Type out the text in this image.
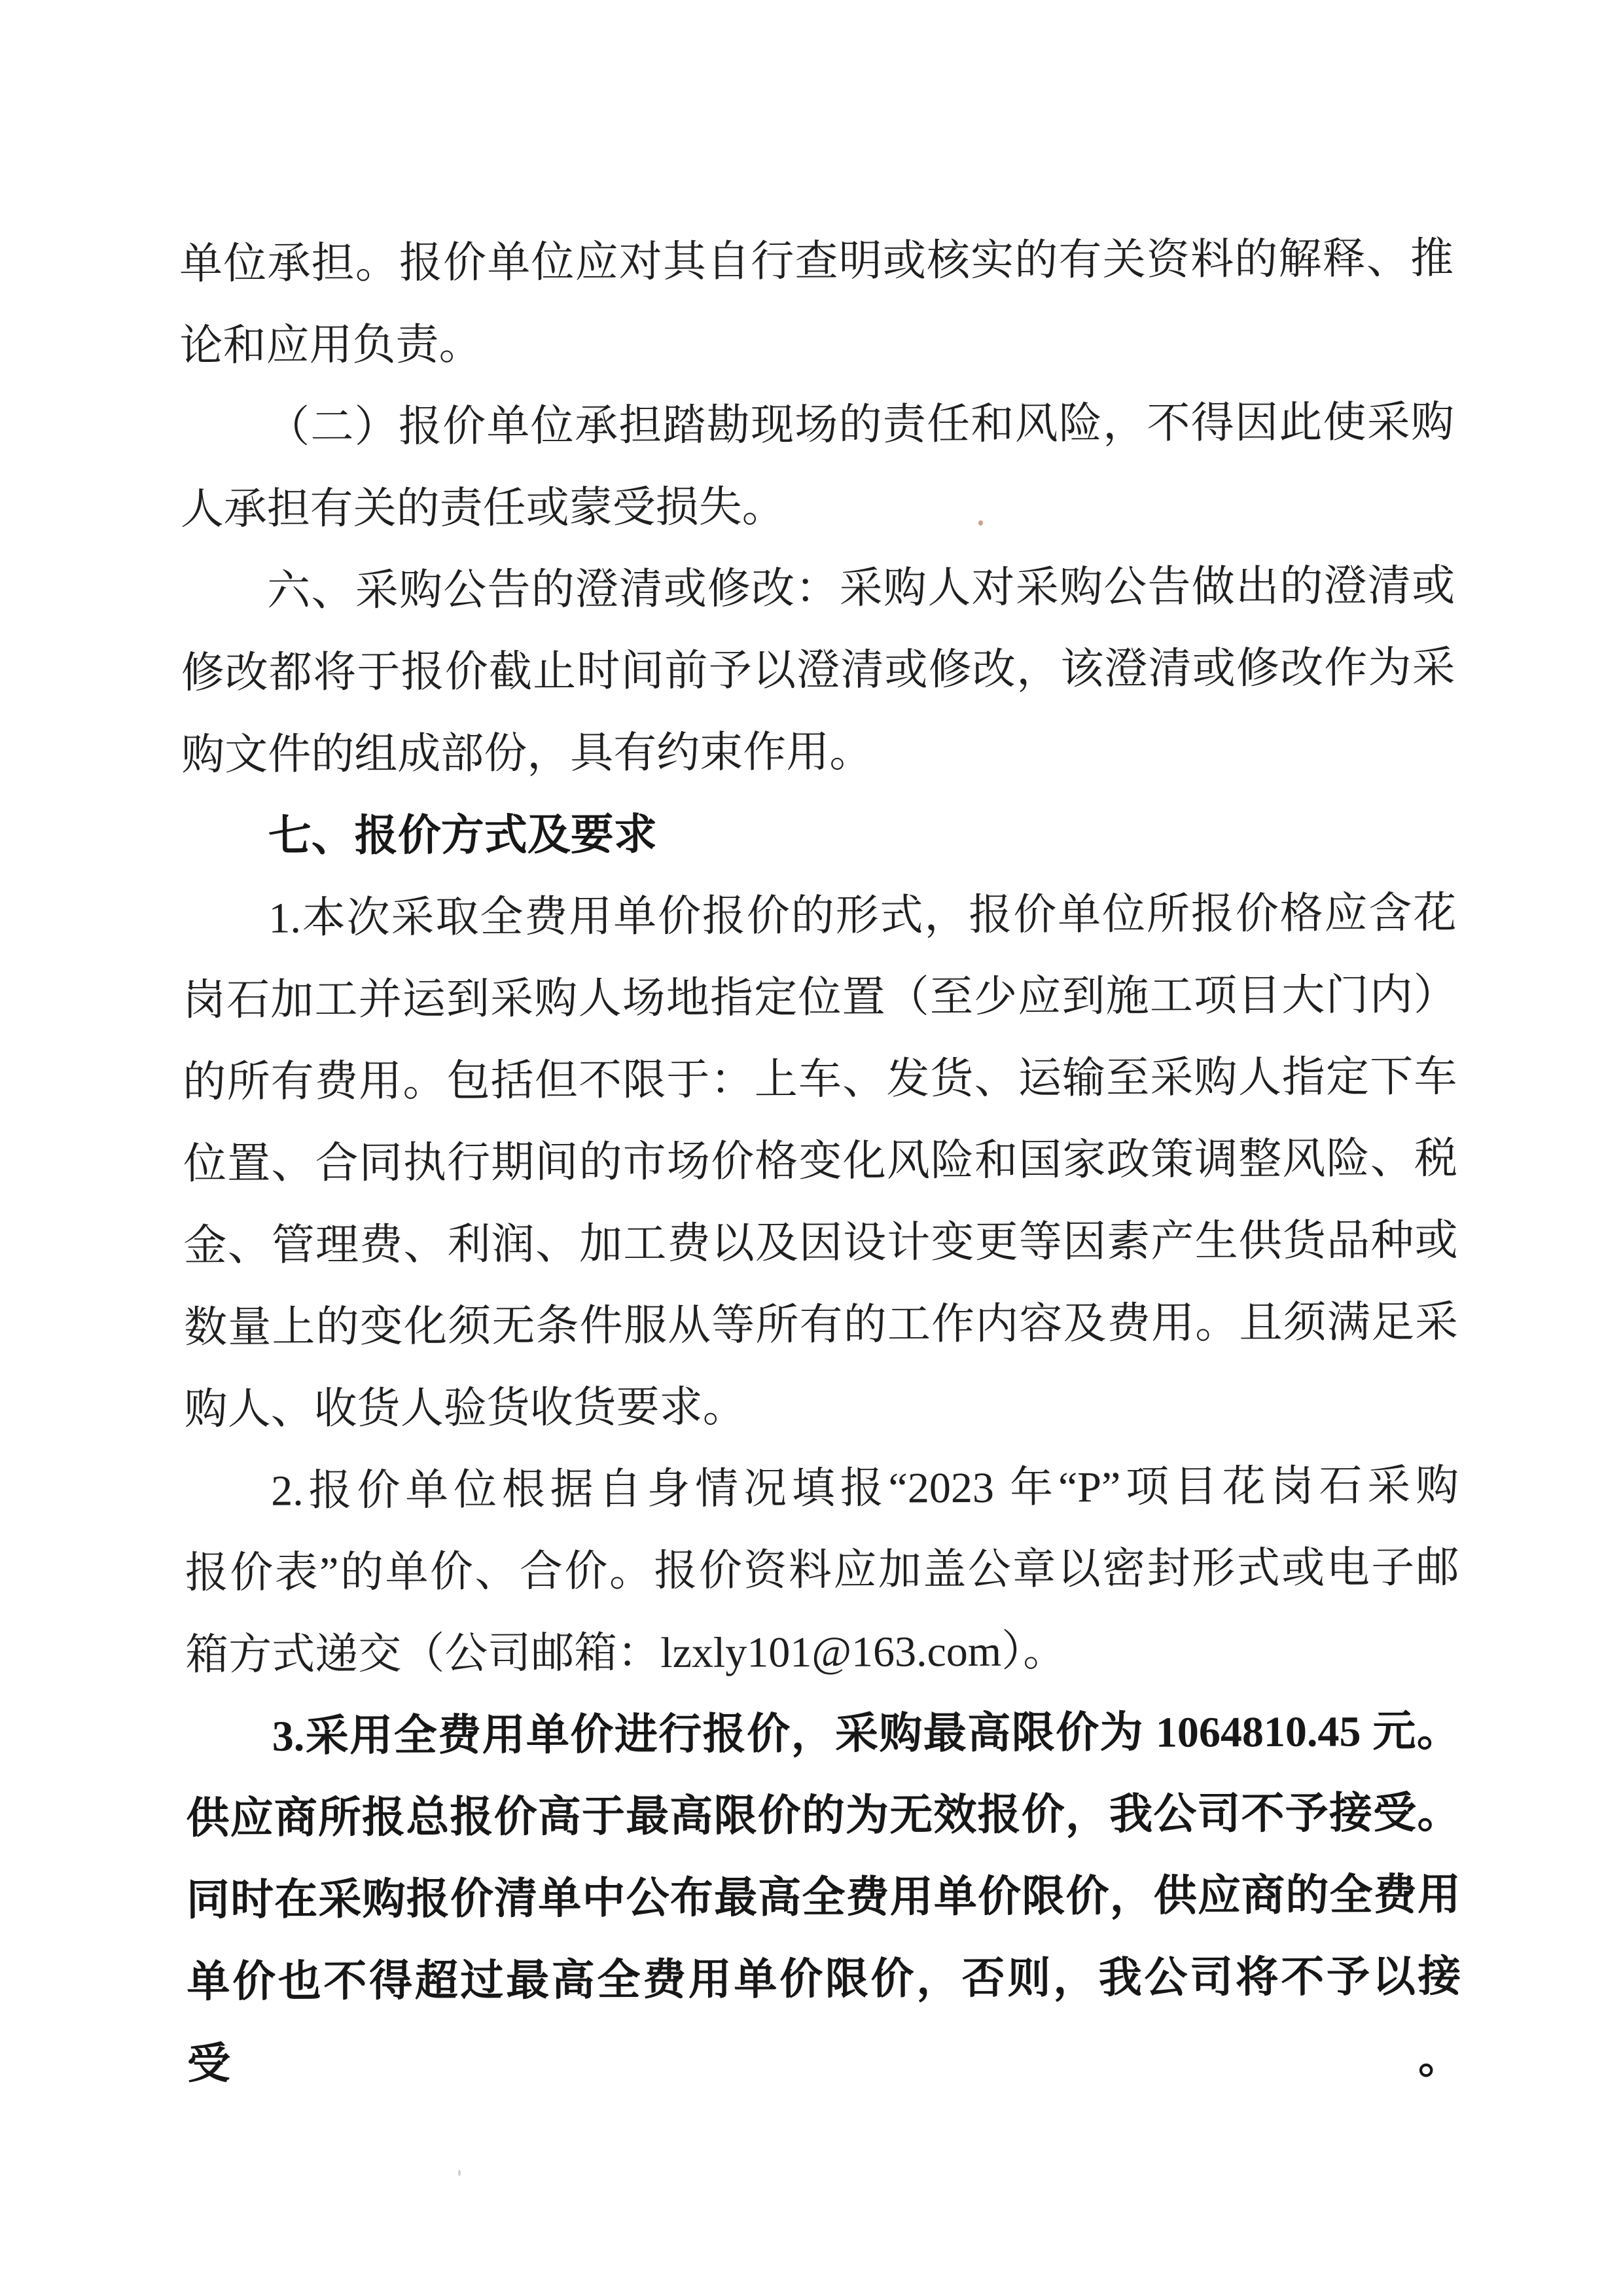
单位承担。报价单位应对其自行查明或核实的有关资料的解释、推
论和应用负责。
（二）报价单位承担踏勘现场的责任和风险，不得因此使采购
人承担有关的责任或蒙受损失。
六、采购公告的澄清或修改：采购人对采购公告做出的澄清或
修改都将于报价截止时间前予以澄清或修改，该澄清或修改作为采
购文件的组成部份，具有约束作用。
七、报价方式及要求
1.本次采取全费用单价报价的形式，报价单位所报价格应含花
岗石加工并运到采购人场地指定位置（至少应到施工项目大门内）
的所有费用。包括但不限于：上车、发货、运输至采购人指定下车
位置、合同执行期间的市场价格变化风险和国家政策调整风险、税
金、管理费、利润、加工费以及因设计变更等因素产生供货品种或
数量上的变化须无条件服从等所有的工作内容及费用。且须满足采
购人、收货人验货收货要求。
2.报价单位根据自身情况填报“2023 年“P”项目花岗石采购
报价表”的单价、合价。报价资料应加盖公章以密封形式或电子邮
箱方式递交（公司邮箱：lzxly101@163.com）。
3.采用全费用单价进行报价，采购最高限价为 1064810.45 元。
供应商所报总报价高于最高限价的为无效报价，我公司不予接受。
同时在采购报价清单中公布最高全费用单价限价，供应商的全费用
单价也不得超过最高全费用单价限价，否则，我公司将不予以接受。
